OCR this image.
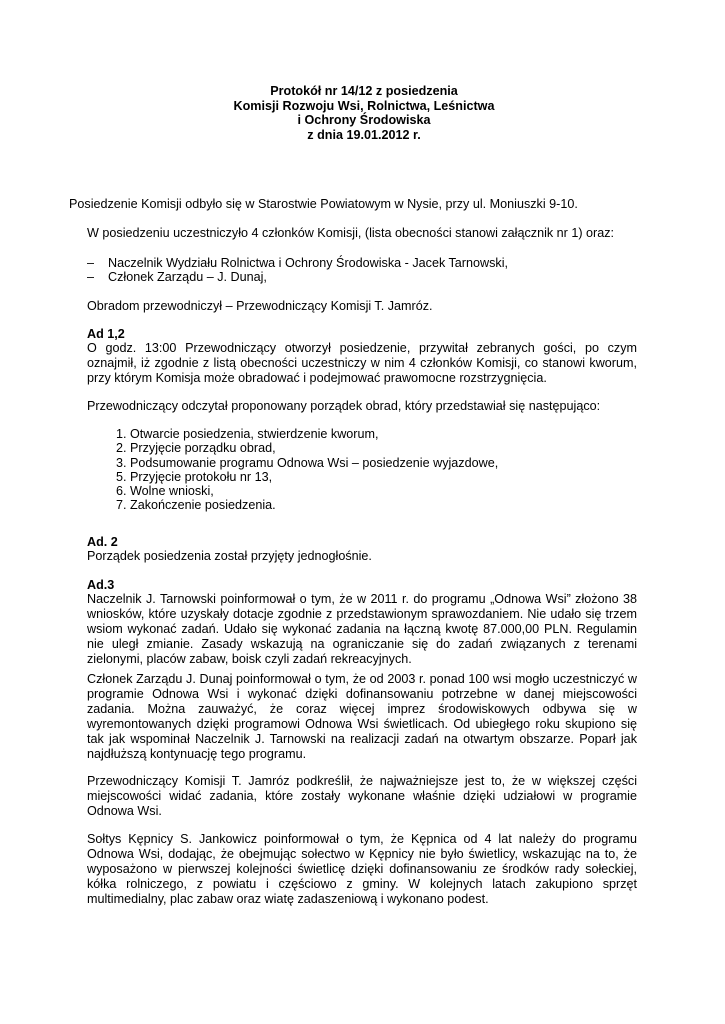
Protokół nr 14/12 z posiedzenia
Komisji Rozwoju Wsi, Rolnictwa, Leśnictwa
i Ochrony Środowiska
z dnia 19.01.2012 r.

Posiedzenie Komisji odbyło się w Starostwie Powiatowym w Nysie, przy ul. Moniuszki 9-10.

W posiedzeniu uczestniczyło 4 członków Komisji, (lista obecności stanowi załącznik nr 1) oraz:

– Naczelnik Wydziału Rolnictwa i Ochrony Środowiska - Jacek Tarnowski,
– Członek Zarządu – J. Dunaj,

Obradom przewodniczył – Przewodniczący Komisji T. Jamróz.

Ad 1,2

O godz. 13:00 Przewodniczący otworzył posiedzenie, przywitał zebranych gości, po czym oznajmił, iż zgodnie z listą obecności uczestniczy w nim 4 członków Komisji, co stanowi kworum, przy którym Komisja może obradować i podejmować prawomocne rozstrzygnięcia.

Przewodniczący odczytał proponowany porządek obrad, który przedstawiał się następująco:

1. Otwarcie posiedzenia, stwierdzenie kworum,
2. Przyjęcie porządku obrad,
3. Podsumowanie programu Odnowa Wsi – posiedzenie wyjazdowe,
5. Przyjęcie protokołu nr 13,
6. Wolne wnioski,
7. Zakończenie posiedzenia.

Ad. 2

Porządek posiedzenia został przyjęty jednogłośnie.

Ad.3

Naczelnik J. Tarnowski poinformował o tym, że w 2011 r. do programu „Odnowa Wsi” złożono 38 wniosków, które uzyskały dotacje zgodnie z przedstawionym sprawozdaniem. Nie udało się trzem wsiom wykonać zadań. Udało się wykonać zadania na łączną kwotę 87.000,00 PLN. Regulamin nie uległ zmianie. Zasady wskazują na ograniczanie się do zadań związanych z terenami zielonymi, placów zabaw, boisk czyli zadań rekreacyjnych.

Członek Zarządu J. Dunaj poinformował o tym, że od 2003 r. ponad 100 wsi mogło uczestniczyć w programie Odnowa Wsi i wykonać dzięki dofinansowaniu potrzebne w danej miejscowości zadania. Można zauważyć, że coraz więcej imprez środowiskowych odbywa się w wyremontowanych dzięki programowi Odnowa Wsi świetlicach. Od ubiegłego roku skupiono się tak jak wspominał Naczelnik J. Tarnowski na realizacji zadań na otwartym obszarze. Poparł jak najdłuższą kontynuację tego programu.

Przewodniczący Komisji T. Jamróz podkreślił, że najważniejsze jest to, że w większej części miejscowości widać zadania, które zostały wykonane właśnie dzięki udziałowi w programie Odnowa Wsi.

Sołtys Kępnicy S. Jankowicz poinformował o tym, że Kępnica od 4 lat należy do programu Odnowa Wsi, dodając, że obejmując sołectwo w Kępnicy nie było świetlicy, wskazując na to, że wyposażono w pierwszej kolejności świetlicę dzięki dofinansowaniu ze środków rady sołeckiej, kółka rolniczego, z powiatu i częściowo z gminy. W kolejnych latach zakupiono sprzęt multimedialny, plac zabaw oraz wiatę zadaszeniową i wykonano podest.
